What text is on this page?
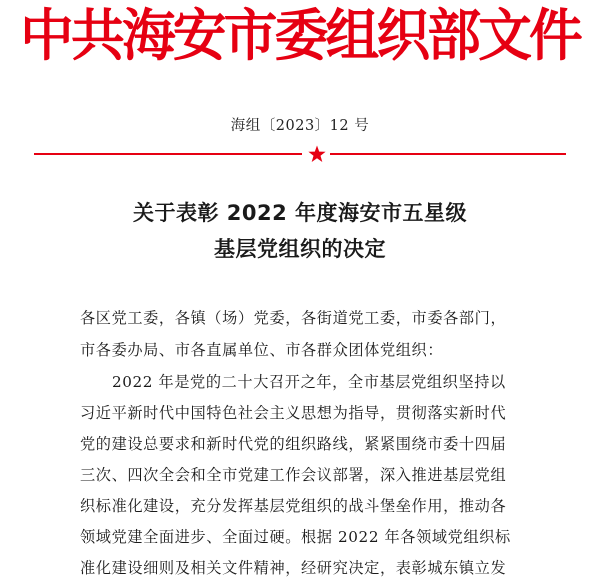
中共海安市委组织部文件
海组〔2023〕12 号
关于表彰 2022 年度海安市五星级
基层党组织的决定
各区党工委，各镇（场）党委，各街道党工委，市委各部门，
市各委办局、市各直属单位、市各群众团体党组织：
2022 年是党的二十大召开之年，全市基层党组织坚持以
习近平新时代中国特色社会主义思想为指导，贯彻落实新时代
党的建设总要求和新时代党的组织路线，紧紧围绕市委十四届
三次、四次全会和全市党建工作会议部署，深入推进基层党组
织标准化建设，充分发挥基层党组织的战斗堡垒作用，推动各
领域党建全面进步、全面过硬。根据 2022 年各领域党组织标
准化建设细则及相关文件精神，经研究决定，表彰城东镇立发
